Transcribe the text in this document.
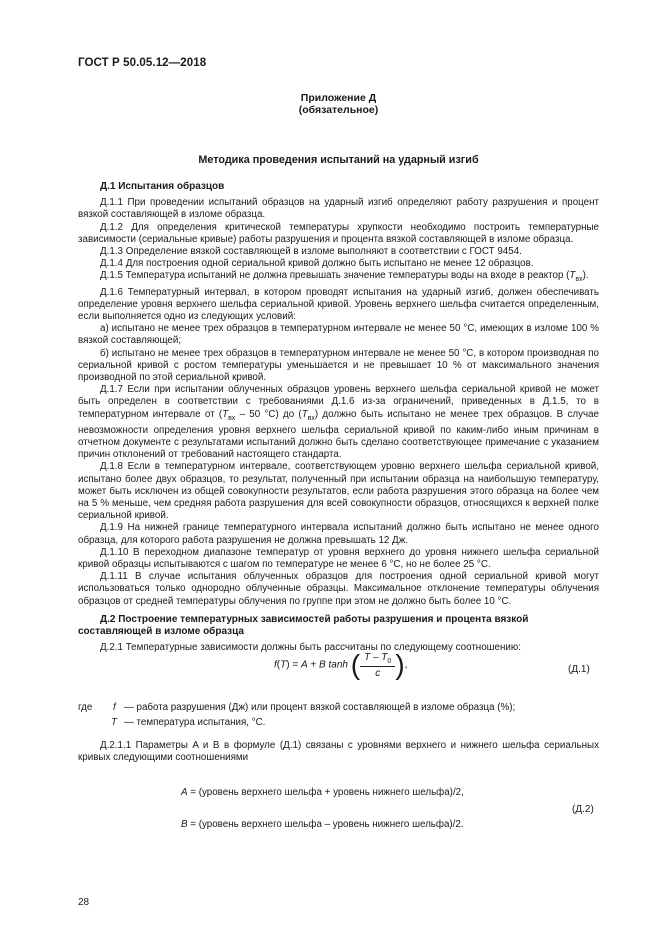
ГОСТ Р 50.05.12—2018
Приложение Д
(обязательное)
Методика проведения испытаний на ударный изгиб
Д.1 Испытания образцов

Д.1.1 При проведении испытаний образцов на ударный изгиб определяют работу разрушения и процент вязкой составляющей в изломе образца.

Д.1.2 Для определения критической температуры хрупкости необходимо построить температурные зависимости (сериальные кривые) работы разрушения и процента вязкой составляющей в изломе образца.

Д.1.3 Определение вязкой составляющей в изломе выполняют в соответствии с ГОСТ 9454.

Д.1.4 Для построения одной сериальной кривой должно быть испытано не менее 12 образцов.

Д.1.5 Температура испытаний не должна превышать значение температуры воды на входе в реактор $(T_{вх})$.

Д.1.6 Температурный интервал, в котором проводят испытания на ударный изгиб, должен обеспечивать определение уровня верхнего шельфа сериальной кривой. Уровень верхнего шельфа считается определенным, если выполняется одно из следующих условий:

а) испытано не менее трех образцов в температурном интервале не менее 50 °С, имеющих в изломе 100 % вязкой составляющей;

б) испытано не менее трех образцов в температурном интервале не менее 50 °С, в котором производная по сериальной кривой с ростом температуры уменьшается и не превышает 10 % от максимального значения производной по этой сериальной кривой.

Д.1.7 Если при испытании облученных образцов уровень верхнего шельфа сериальной кривой не может быть определен в соответствии с требованиями Д.1.6 из-за ограничений, приведенных в Д.1.5, то в температурном интервале от ($T_{вх} - 50$ °С) до $(T_{вх})$ должно быть испытано не менее трех образцов. В случае невозможности определения уровня верхнего шельфа сериальной кривой по каким-либо иным причинам в отчетном документе с результатами испытаний должно быть сделано соответствующее примечание с указанием причин отклонений от требований настоящего стандарта.

Д.1.8 Если в температурном интервале, соответствующем уровню верхнего шельфа сериальной кривой, испытано более двух образцов, то результат, полученный при испытании образца на наибольшую температуру, может быть исключен из общей совокупности результатов, если работа разрушения этого образца на более чем на 5 % меньше, чем средняя работа разрушения для всей совокупности образцов, относящихся к верхней полке сериальной кривой.

Д.1.9 На нижней границе температурного интервала испытаний должно быть испытано не менее одного образца, для которого работа разрушения не должна превышать 12 Дж.

Д.1.10 В переходном диапазоне температур от уровня верхнего до уровня нижнего шельфа сериальной кривой образцы испытываются с шагом по температуре не менее 6 °С, но не более 25 °С.

Д.1.11 В случае испытания облученных образцов для построения одной сериальной кривой могут использоваться только однородно облученные образцы. Максимальное отклонение температуры облучения образцов от средней температуры облучения по группе при этом не должно быть более 10 °С.

Д.2 Построение температурных зависимостей работы разрушения и процента вязкой составляющей в изломе образца

Д.2.1 Температурные зависимости должны быть рассчитаны по следующему соотношению:

f(T) = A + B tanh ( $\frac{T - T_0}{c}$ ),	(Д.1)
где f — работа разрушения (Дж) или процент вязкой составляющей в изломе образца (%);
T — температура испытания, °С.

Д.2.1.1 Параметры A и B в формуле (Д.1) связаны с уровнями верхнего и нижнего шельфа сериальных кривых следующими соотношениями

A = (уровень верхнего шельфа + уровень нижнего шельфа)/2,
(Д.2)
B = (уровень верхнего шельфа – уровень нижнего шельфа)/2.
28
